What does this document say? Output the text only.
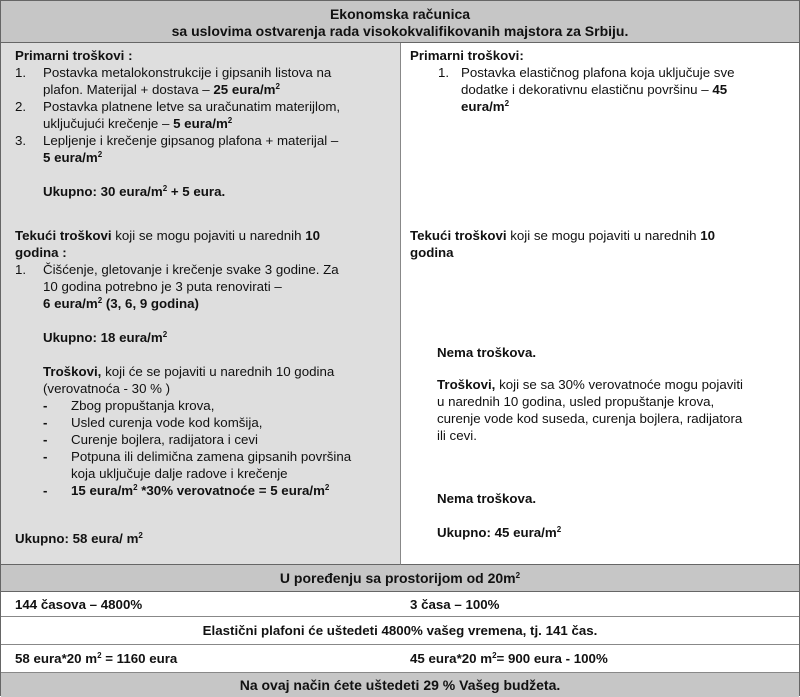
Ekonomska računica
sa uslovima ostvarenja rada visokokvalifikovanih majstora za Srbiju.
Primarni troškovi :
1. Postavka metalokonstrukcije i gipsanih listova na
plafon. Materijal + dostava – 25 eura/$m^2$
2. Postavka platnene letve sa uračunatim materijlom,
uključujući krečenje – 5 eura/$m^2$
3. Lepljenje i krečenje gipsanog plafona + materijal –
5 eura/$m^2$
Ukupno: 30 eura/$m^2 + 5$ eura.
Tekući troškovi koji se mogu pojaviti u narednih 10
godina :
1. Čišćenje, gletovanje i krečenje svake 3 godine. Za
10 godina potrebno je 3 puta renovirati –
6 eura/$m^2$ (3, 6, 9 godina)
Ukupno: 18 eura/$m^2$
Troškovi, koji će se pojaviti u narednih 10 godina
(verovatnoća - 30 % )
- Zbog propuštanja krova,
- Usled curenja vode kod komšija,
- Curenje bojlera, radijatora i cevi
- Potpuna ili delimična zamena gipsanih površina
koja uključuje dalje radove i krečenje
- 15 eura/$m^2$ *30% verovatnoće = 5 eura/$m^2$
Ukupno: 58 eura/ $m^2$
Primarni troškovi:
1. Postavka elastičnog plafona koja uključuje sve
dodatke i dekorativnu elastičnu površinu – 45
eura/$m^2$
Tekući troškovi koji se mogu pojaviti u narednih 10
godina
Nema troškova.
Troškovi, koji se sa 30% verovatnoće mogu pojaviti
u narednih 10 godina, usled propuštanje krova,
curenje vode kod suseda, curenja bojlera, radijatora
ili cevi.
Nema troškova.
Ukupno: 45 eura/$m^2$
U poređenju sa prostorijom od $20m^2$
144 časova – 4800%	3 časa – 100%
Elastični plafoni će uštedeti 4800% vašeg vremena, tj. 141 čas.
58 eura*20 $m^2 = 1160$ eura	45 eura*20 $m^2= 900$ eura - 100%
Na ovaj način ćete uštedeti 29 % Vašeg budžeta.
